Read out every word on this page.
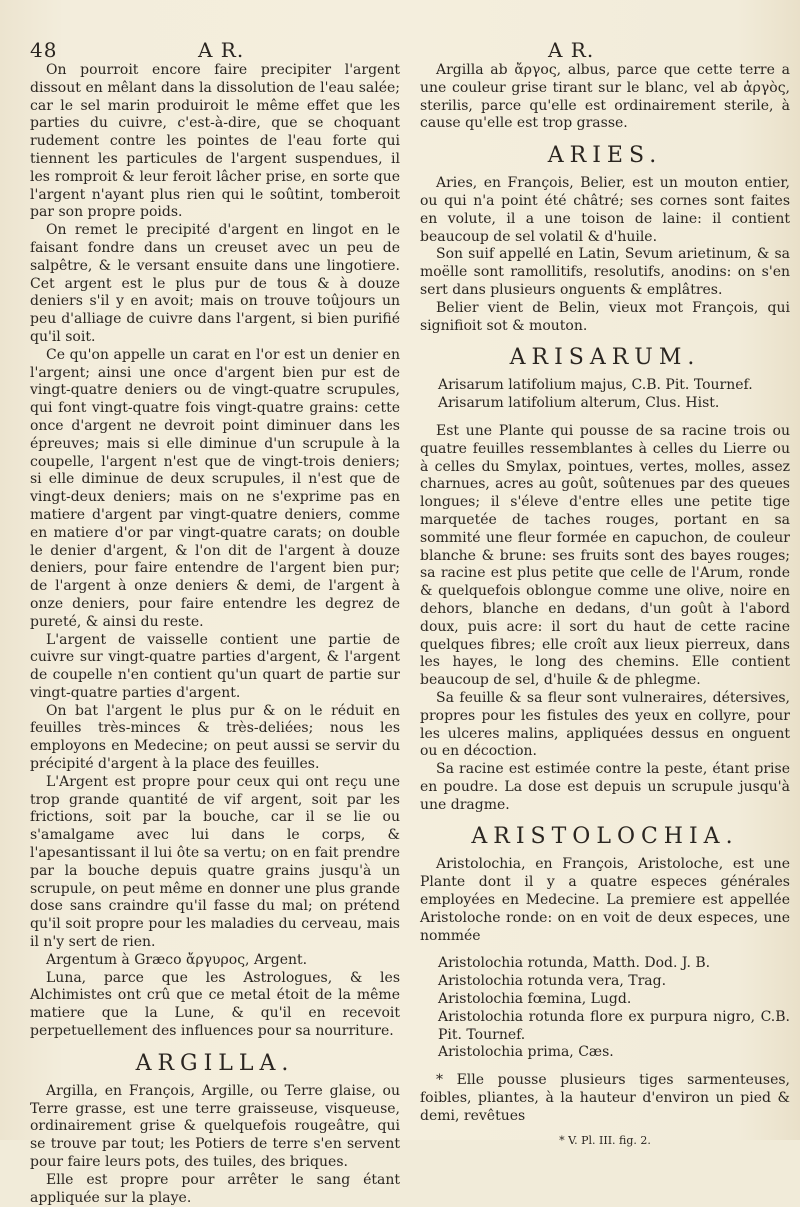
48	A R.	A R.

On pourroit encore faire precipiter l'argent dissout en mêlant dans la dissolution de l'eau salée; car le sel marin produiroit le même effet que les parties du cuivre, c'est-à-dire, que se choquant rudement contre les pointes de l'eau forte qui tiennent les particules de l'argent suspendues, il les romproit & leur feroit lâcher prise, en sorte que l'argent n'ayant plus rien qui le soûtint, tomberoit par son propre poids.

On remet le precipité d'argent en lingot en le faisant fondre dans un creuset avec un peu de salpêtre, & le versant ensuite dans une lingotiere. Cet argent est le plus pur de tous & à douze deniers s'il y en avoit; mais on trouve toûjours un peu d'alliage de cuivre dans l'argent, si bien purifié qu'il soit.

Ce qu'on appelle un carat en l'or est un denier en l'argent; ainsi une once d'argent bien pur est de vingt-quatre deniers ou de vingt-quatre scrupules, qui font vingt-quatre fois vingt-quatre grains: cette once d'argent ne devroit point diminuer dans les épreuves; mais si elle diminue d'un scrupule à la coupelle, l'argent n'est que de vingt-trois deniers; si elle diminue de deux scrupules, il n'est que de vingt-deux deniers; mais on ne s'exprime pas en matiere d'argent par vingt-quatre deniers, comme en matiere d'or par vingt-quatre carats; on double le denier d'argent, & l'on dit de l'argent à douze deniers, pour faire entendre de l'argent bien pur; de l'argent à onze deniers & demi, de l'argent à onze deniers, pour faire entendre les degrez de pureté, & ainsi du reste.

L'argent de vaisselle contient une partie de cuivre sur vingt-quatre parties d'argent, & l'argent de coupelle n'en contient qu'un quart de partie sur vingt-quatre parties d'argent.

On bat l'argent le plus pur & on le réduit en feuilles très-minces & très-deliées; nous les employons en Medecine; on peut aussi se servir du précipité d'argent à la place des feuilles.

L'Argent est propre pour ceux qui ont reçu une trop grande quantité de vif argent, soit par les frictions, soit par la bouche, car il se lie ou s'amalgame avec lui dans le corps, & l'apesantissant il lui ôte sa vertu; on en fait prendre par la bouche depuis quatre grains jusqu'à un scrupule, on peut même en donner une plus grande dose sans craindre qu'il fasse du mal; on prétend qu'il soit propre pour les maladies du cerveau, mais il n'y sert de rien.

Argentum à Græco ἄργυρος, Argent.

Luna, parce que les Astrologues, & les Alchimistes ont crû que ce metal étoit de la même matiere que la Lune, & qu'il en recevoit perpetuellement des influences pour sa nourriture.

ARGILLA.

Argilla, en François, Argille, ou Terre glaise, ou Terre grasse, est une terre graisseuse, visqueuse, ordinairement grise & quelquefois rougeâtre, qui se trouve par tout; les Potiers de terre s'en servent pour faire leurs pots, des tuiles, des briques.

Elle est propre pour arrêter le sang étant appliquée sur la playe.

Argilla ab ἄργος, albus, parce que cette terre a une couleur grise tirant sur le blanc, vel ab ἀργὸς, sterilis, parce qu'elle est ordinairement sterile, à cause qu'elle est trop grasse.

ARIES.

Aries, en François, Belier, est un mouton entier, ou qui n'a point été châtré; ses cornes sont faites en volute, il a une toison de laine: il contient beaucoup de sel volatil & d'huile.

Son suif appellé en Latin, Sevum arietinum, & sa moëlle sont ramollitifs, resolutifs, anodins: on s'en sert dans plusieurs onguents & emplâtres.

Belier vient de Belin, vieux mot François, qui signifioit sot & mouton.

ARISARUM.

Arisarum latifolium majus, C.B. Pit. Tournef.

Arisarum latifolium alterum, Clus. Hist.

Est une Plante qui pousse de sa racine trois ou quatre feuilles ressemblantes à celles du Lierre ou à celles du Smylax, pointues, vertes, molles, assez charnues, acres au goût, soûtenues par des queues longues; il s'éleve d'entre elles une petite tige marquetée de taches rouges, portant en sa sommité une fleur formée en capuchon, de couleur blanche & brune: ses fruits sont des bayes rouges; sa racine est plus petite que celle de l'Arum, ronde & quelquefois oblongue comme une olive, noire en dehors, blanche en dedans, d'un goût à l'abord doux, puis acre: il sort du haut de cette racine quelques fibres; elle croît aux lieux pierreux, dans les hayes, le long des chemins. Elle contient beaucoup de sel, d'huile & de phlegme.

Sa feuille & sa fleur sont vulneraires, détersives, propres pour les fistules des yeux en collyre, pour les ulceres malins, appliquées dessus en onguent ou en décoction.

Sa racine est estimée contre la peste, étant prise en poudre. La dose est depuis un scrupule jusqu'à une dragme.

ARISTOLOCHIA.

Aristolochia, en François, Aristoloche, est une Plante dont il y a quatre especes générales employées en Medecine. La premiere est appellée Aristoloche ronde: on en voit de deux especes, une nommée

Aristolochia rotunda, Matth. Dod. J. B.

Aristolochia rotunda vera, Trag.

Aristolochia fœmina, Lugd.

Aristolochia rotunda flore ex purpura nigro, C.B. Pit. Tournef.

Aristolochia prima, Cæs.

* Elle pousse plusieurs tiges sarmenteuses, foibles, pliantes, à la hauteur d'environ un pied & demi, revêtues

* V. Pl. III. fig. 2.
